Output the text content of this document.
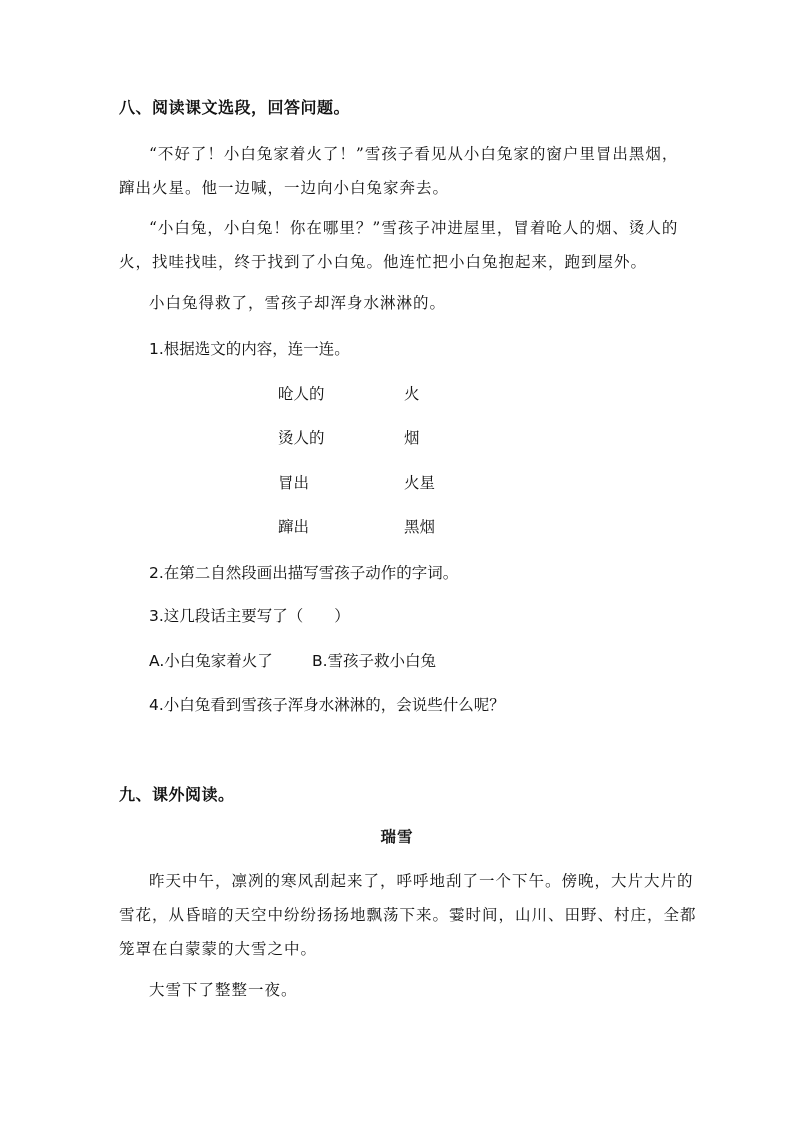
八、阅读课文选段，回答问题。
“不好了！小白兔家着火了！”雪孩子看见从小白兔家的窗户里冒出黑烟，
蹿出火星。他一边喊，一边向小白兔家奔去。
“小白兔，小白兔！你在哪里？”雪孩子冲进屋里，冒着呛人的烟、烫人的
火，找哇找哇，终于找到了小白兔。他连忙把小白兔抱起来，跑到屋外。
小白兔得救了，雪孩子却浑身水淋淋的。
1.根据选文的内容，连一连。
呛人的	火
烫人的	烟
冒出	火星
蹿出	黑烟
2.在第二自然段画出描写雪孩子动作的字词。
3.这几段话主要写了（　　）
A.小白兔家着火了	B.雪孩子救小白兔
4.小白兔看到雪孩子浑身水淋淋的，会说些什么呢？
九、课外阅读。
瑞雪
昨天中午，凛冽的寒风刮起来了，呼呼地刮了一个下午。傍晚，大片大片的
雪花，从昏暗的天空中纷纷扬扬地飘荡下来。霎时间，山川、田野、村庄，全都
笼罩在白蒙蒙的大雪之中。
大雪下了整整一夜。
